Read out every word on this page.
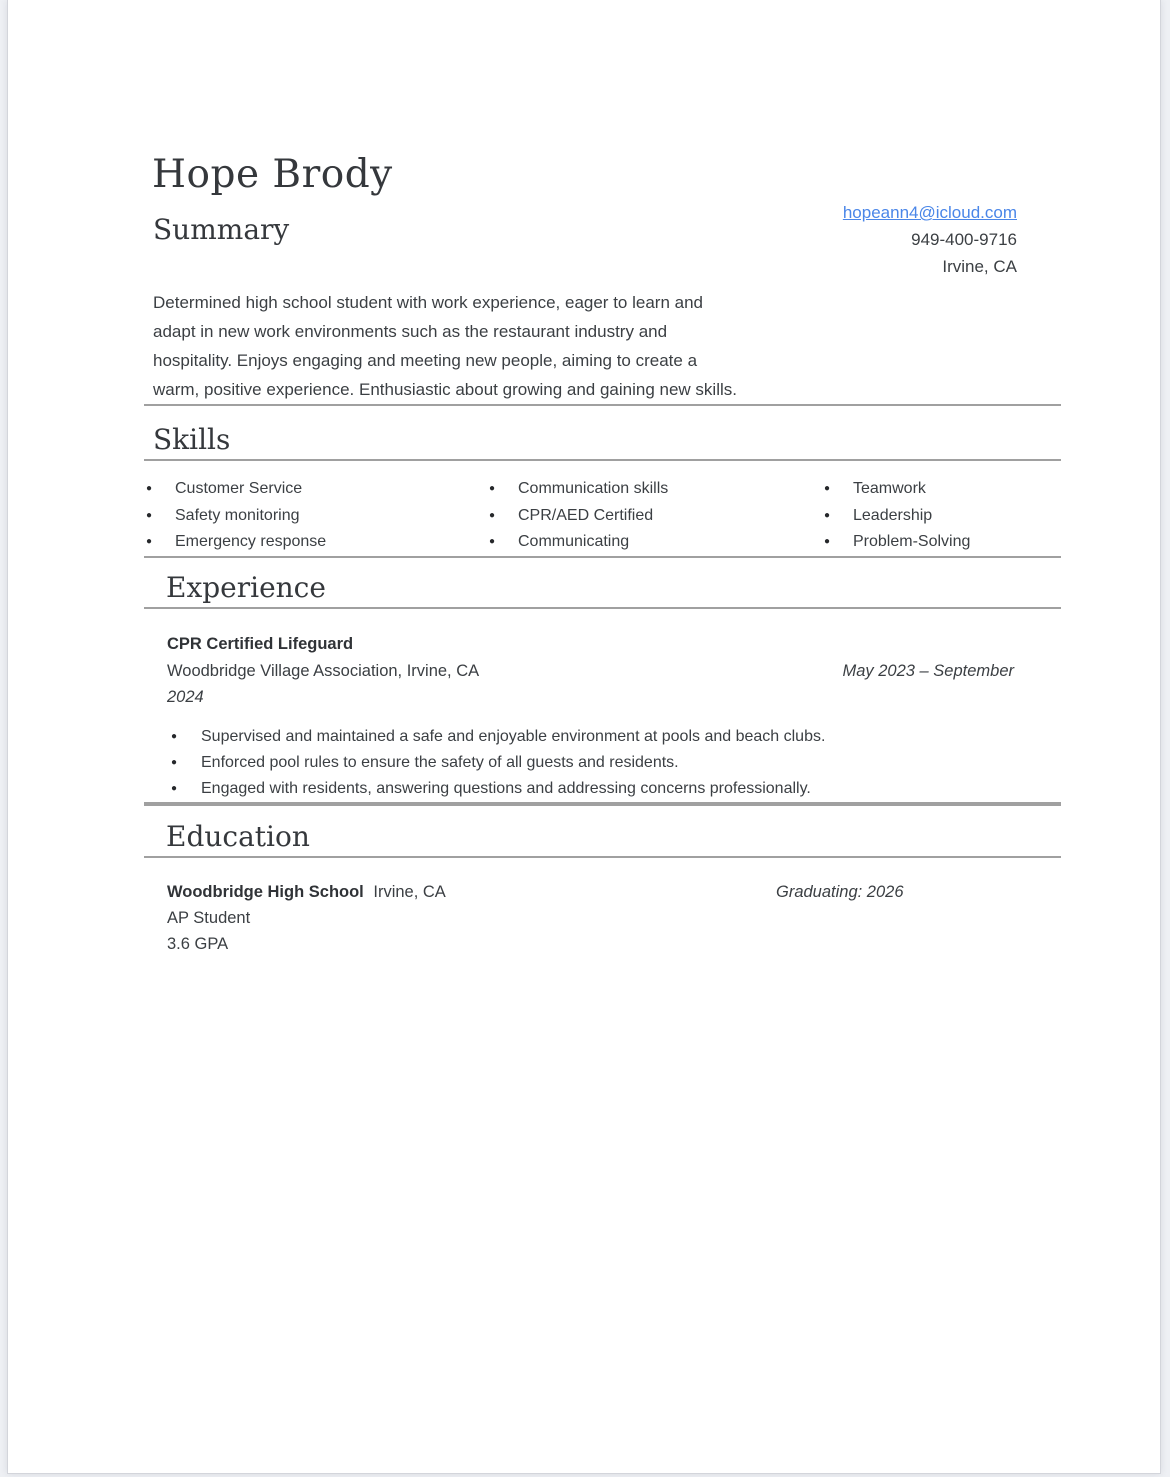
Hope Brody
hopeann4@icloud.com
949-400-9716
Irvine, CA
Summary

Determined high school student with work experience, eager to learn and adapt in new work environments such as the restaurant industry and hospitality. Enjoys engaging and meeting new people, aiming to create a warm, positive experience. Enthusiastic about growing and gaining new skills.

Skills
● Customer Service
● Safety monitoring
● Emergency response
● Communication skills
● CPR/AED Certified
● Communicating
● Teamwork
● Leadership
● Problem-Solving
Experience
CPR Certified Lifeguard
Woodbridge Village Association, Irvine, CA	May 2023 – September
2024
● Supervised and maintained a safe and enjoyable environment at pools and beach clubs.
● Enforced pool rules to ensure the safety of all guests and residents.
● Engaged with residents, answering questions and addressing concerns professionally.
Education
Woodbridge High School Irvine, CA	Graduating: 2026
AP Student
3.6 GPA
